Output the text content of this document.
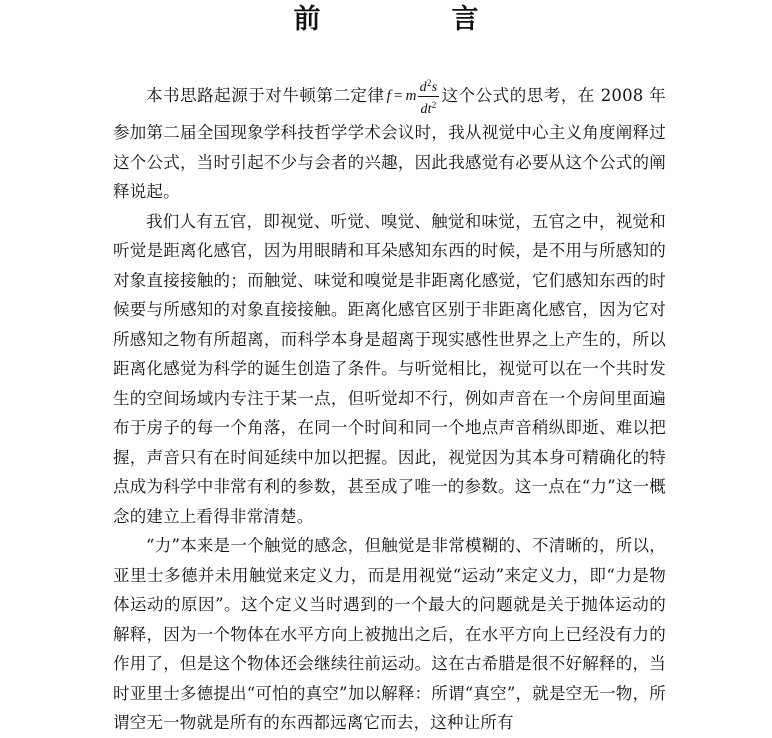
前　言

本书思路起源于对牛顿第二定律 f = m $\frac{d^2s}{dt^2}$ 这个公式的思考，在 2008 年参加第二届全国现象学科技哲学学术会议时，我从视觉中心主义角度阐释过这个公式，当时引起不少与会者的兴趣，因此我感觉有必要从这个公式的阐释说起。

我们人有五官，即视觉、听觉、嗅觉、触觉和味觉，五官之中，视觉和听觉是距离化感官，因为用眼睛和耳朵感知东西的时候，是不用与所感知的对象直接接触的；而触觉、味觉和嗅觉是非距离化感觉，它们感知东西的时候要与所感知的对象直接接触。距离化感官区别于非距离化感官，因为它对所感知之物有所超离，而科学本身是超离于现实感性世界之上产生的，所以距离化感觉为科学的诞生创造了条件。与听觉相比，视觉可以在一个共时发生的空间场域内专注于某一点，但听觉却不行，例如声音在一个房间里面遍布于房子的每一个角落，在同一个时间和同一个地点声音稍纵即逝、难以把握，声音只有在时间延续中加以把握。因此，视觉因为其本身可精确化的特点成为科学中非常有利的参数，甚至成了唯一的参数。这一点在“力”这一概念的建立上看得非常清楚。

“力”本来是一个触觉的感念，但触觉是非常模糊的、不清晰的，所以，亚里士多德并未用触觉来定义力，而是用视觉“运动”来定义力，即“力是物体运动的原因”。这个定义当时遇到的一个最大的问题就是关于抛体运动的解释，因为一个物体在水平方向上被抛出之后，在水平方向上已经没有力的作用了，但是这个物体还会继续往前运动。这在古希腊是很不好解释的，当时亚里士多德提出“可怕的真空”加以解释：所谓“真空”，就是空无一物，所谓空无一物就是所有的东西都远离它而去，这种让所有
